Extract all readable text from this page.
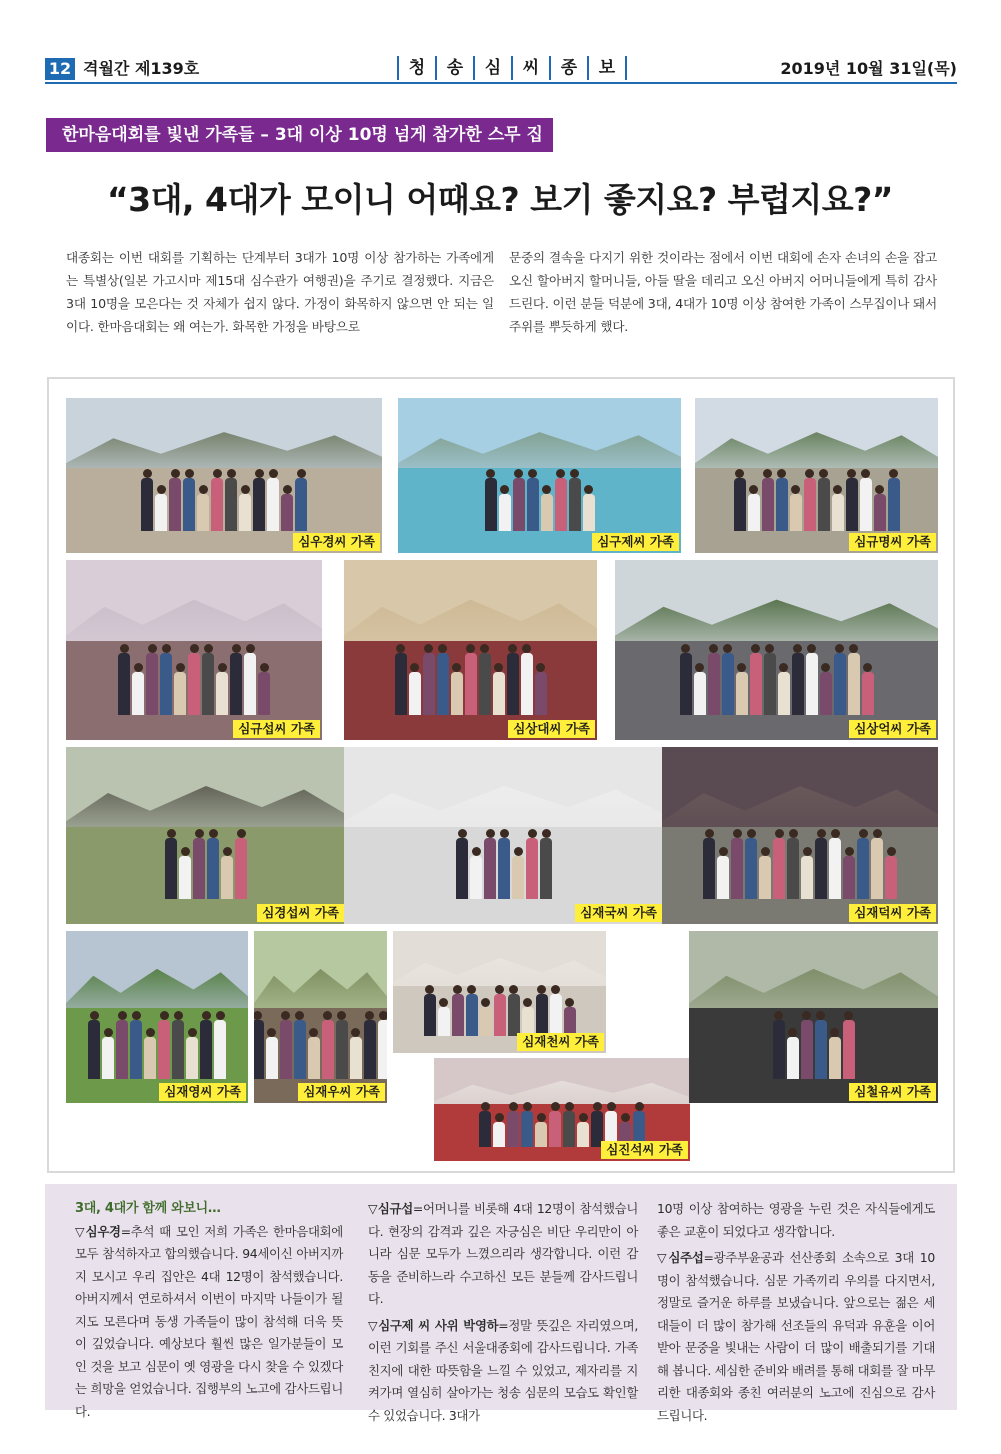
12 격월간 제139호	청	송	심	씨	종	보	2019년 10월 31일(목)
한마음대회를 빛낸 가족들 – 3대 이상 10명 넘게 참가한 스무 집
“3대, 4대가 모이니 어때요? 보기 좋지요? 부럽지요?”
대종회는 이번 대회를 기획하는 단계부터 3대가 10명 이상 참가하는 가족에게는 특별상(일본 가고시마 제15대 심수관가 여행권)을 주기로 결정했다. 지금은 3대 10명을 모은다는 것 자체가 쉽지 않다. 가정이 화목하지 않으면 안 되는 일이다. 한마음대회는 왜 여는가. 화목한 가정을 바탕으로
문중의 결속을 다지기 위한 것이라는 점에서 이번 대회에 손자 손녀의 손을 잡고 오신 할아버지 할머니들, 아들 딸을 데리고 오신 아버지 어머니들에게 특히 감사드린다. 이런 분들 덕분에 3대, 4대가 10명 이상 참여한 가족이 스무집이나 돼서 주위를 뿌듯하게 했다.
심우경씨 가족	심구제씨 가족	심규명씨 가족
심규섭씨 가족	심상대씨 가족	심상억씨 가족
심경섭씨 가족	심재국씨 가족	심재덕씨 가족
심재영씨 가족	심재우씨 가족
심재천씨 가족
심진석씨 가족
심철유씨 가족
3대, 4대가 함께 와보니…

▽심우경=추석 때 모인 저희 가족은 한마음대회에 모두 참석하자고 합의했습니다. 94세이신 아버지까지 모시고 우리 집안은 4대 12명이 참석했습니다. 아버지께서 연로하셔서 이번이 마지막 나들이가 될지도 모른다며 동생 가족들이 많이 참석해 더욱 뜻이 깊었습니다. 예상보다 훨씬 많은 일가분들이 모인 것을 보고 심문이 옛 영광을 다시 찾을 수 있겠다는 희망을 얻었습니다. 집행부의 노고에 감사드립니다.

▽심규섭=어머니를 비롯해 4대 12명이 참석했습니다. 현장의 감격과 깊은 자긍심은 비단 우리만이 아니라 심문 모두가 느꼈으리라 생각합니다. 이런 감동을 준비하느라 수고하신 모든 분들께 감사드립니다.

▽심구제 씨 사위 박영하=정말 뜻깊은 자리였으며, 이런 기회를 주신 서울대종회에 감사드립니다. 가족 친지에 대한 따뜻함을 느낄 수 있었고, 제자리를 지켜가며 열심히 살아가는 청송 심문의 모습도 확인할 수 있었습니다. 3대가

10명 이상 참여하는 영광을 누린 것은 자식들에게도 좋은 교훈이 되었다고 생각합니다.

▽심주섭=광주부윤공과 선산종회 소속으로 3대 10명이 참석했습니다. 심문 가족끼리 우의를 다지면서, 정말로 즐거운 하루를 보냈습니다. 앞으로는 젊은 세대들이 더 많이 참가해 선조들의 유덕과 유훈을 이어받아 문중을 빛내는 사람이 더 많이 배출되기를 기대해 봅니다. 세심한 준비와 배려를 통해 대회를 잘 마무리한 대종회와 종친 여러분의 노고에 진심으로 감사드립니다.
